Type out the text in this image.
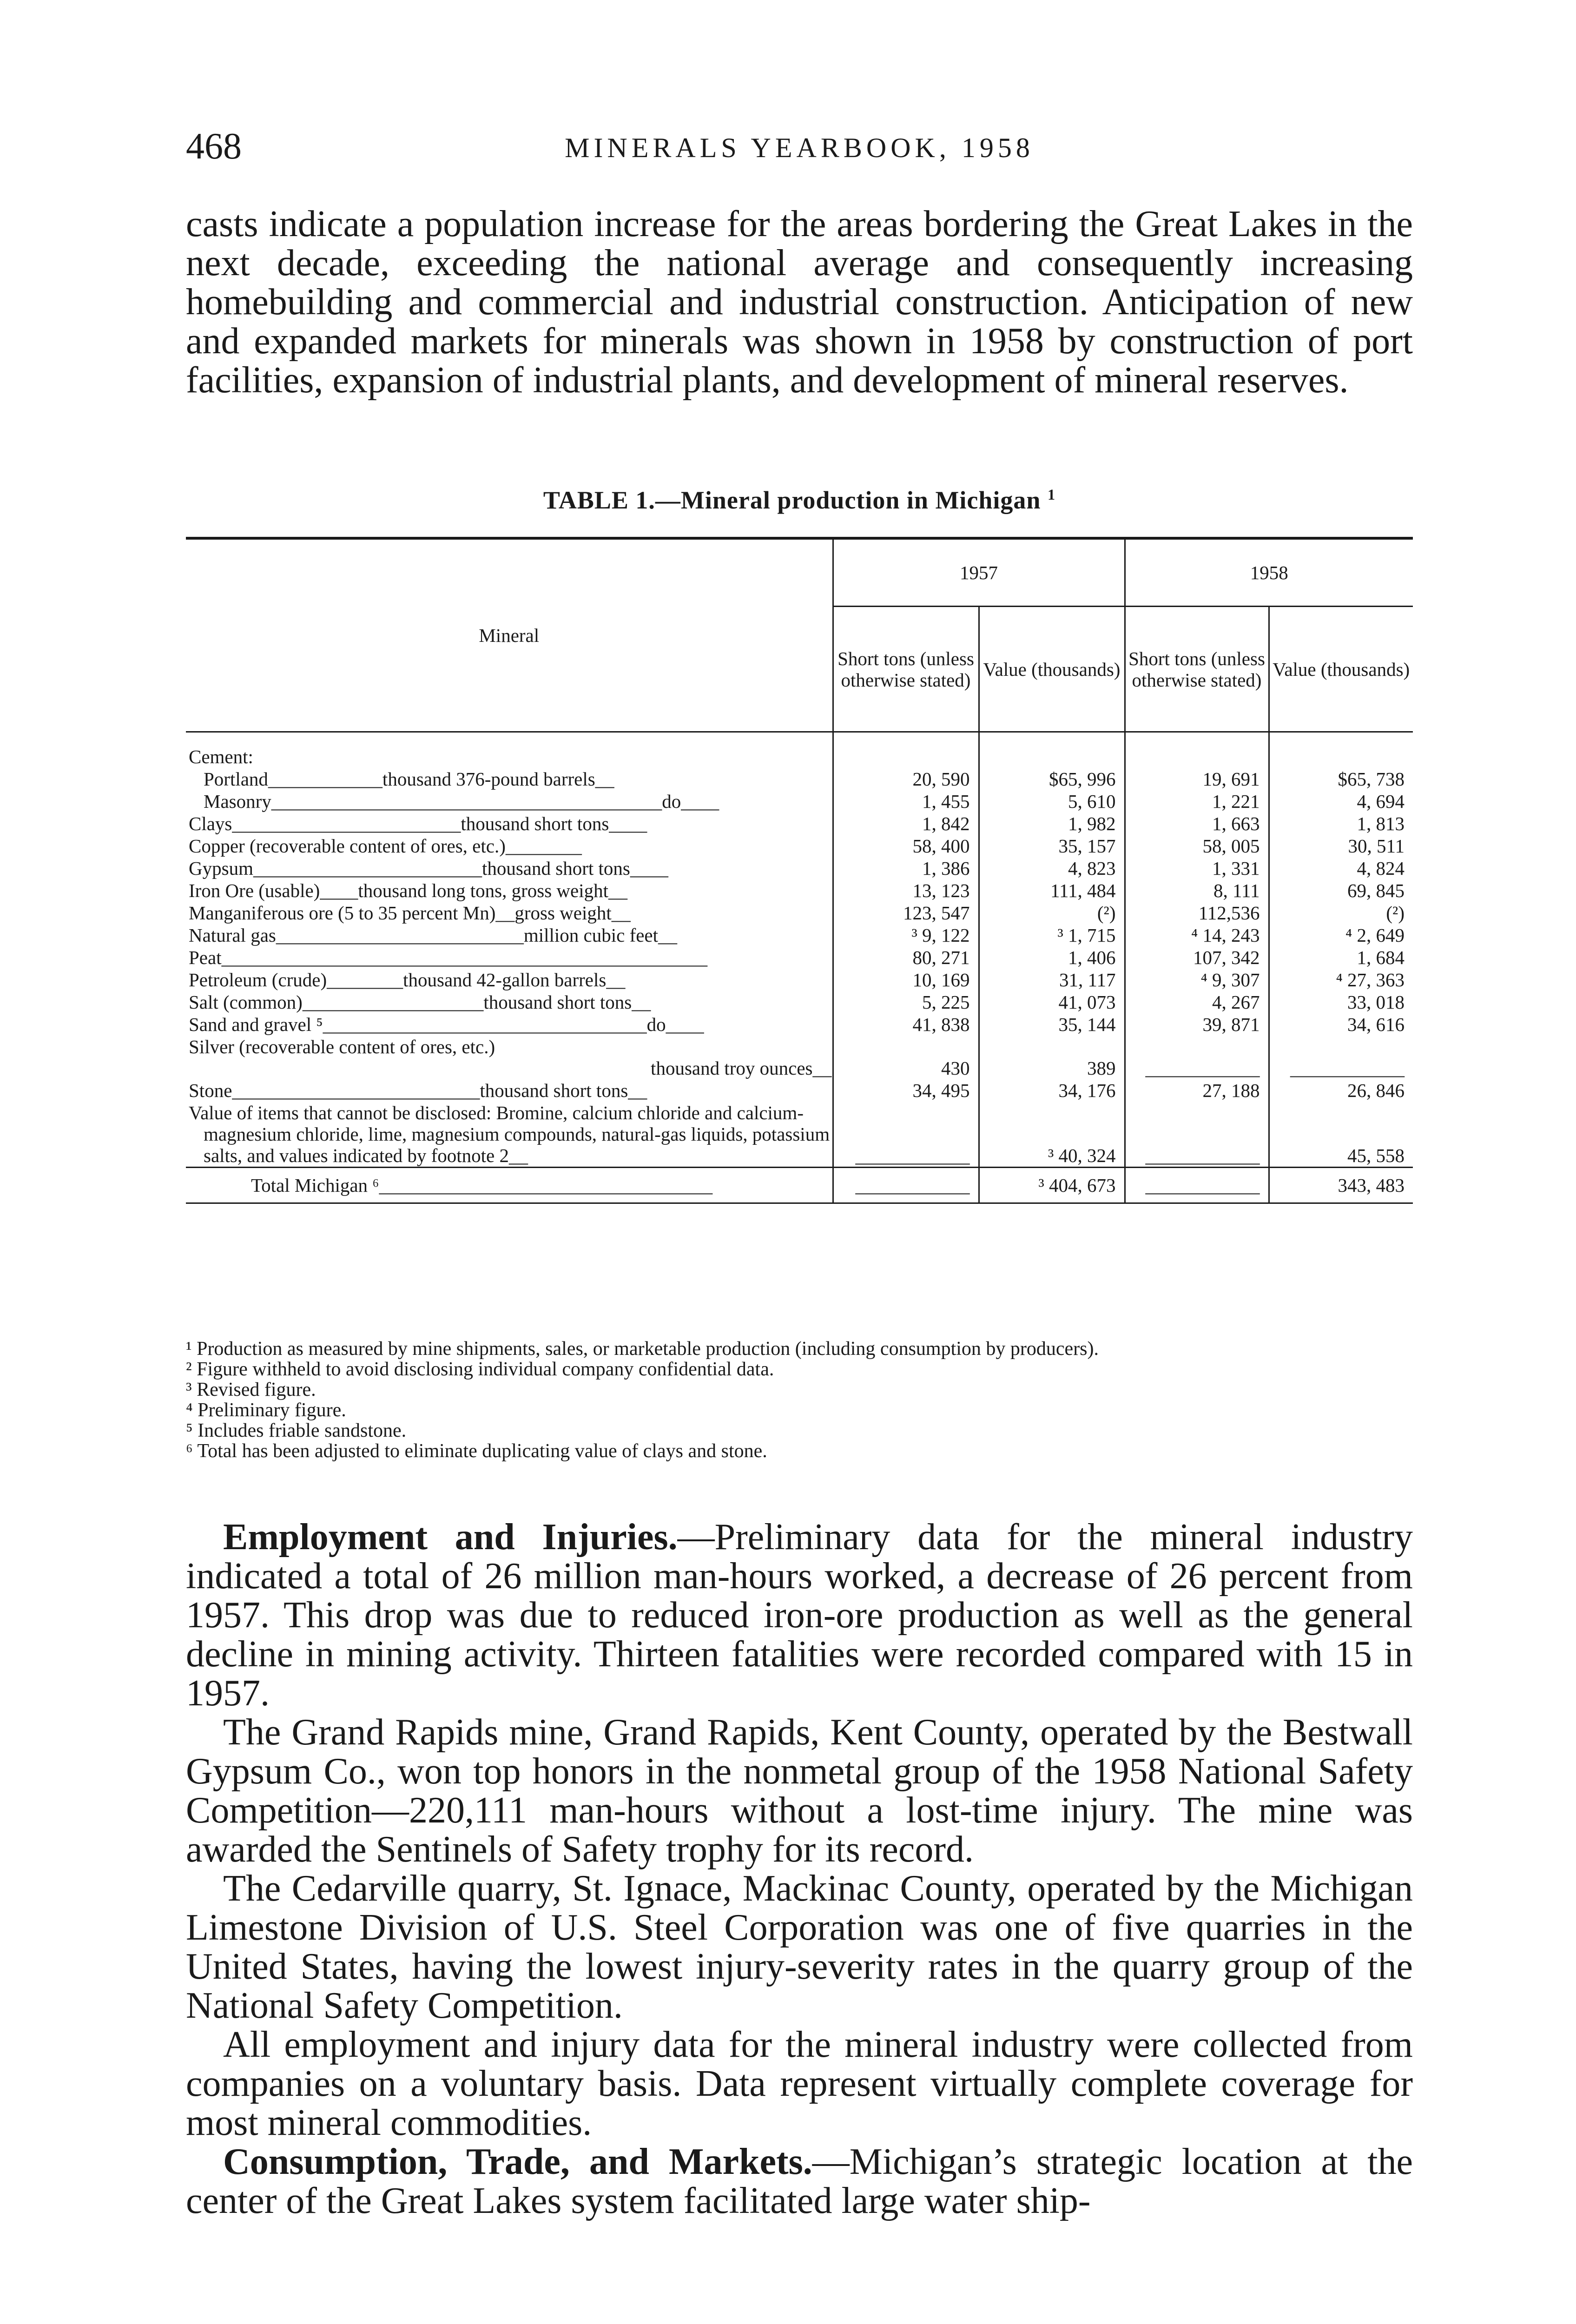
468	MINERALS YEARBOOK, 1958

casts indicate a population increase for the areas bordering the Great Lakes in the next decade, exceeding the national average and consequently increasing homebuilding and commercial and industrial construction. Anticipation of new and expanded markets for minerals was shown in 1958 by construction of port facilities, expansion of industrial plants, and development of mineral reserves.

TABLE 1.—Mineral production in Michigan $^1$
Mineral	1957		1958	
	Short tons (unless otherwise stated)	Value (thousands)	Short tons (unless otherwise stated)	Value (thousands)

Cement:				
Portland____________thousand 376-pound barrels__	20, 590	$65, 996	19, 691	$65, 738
Masonry_________________________________________do____	1, 455	5, 610	1, 221	4, 694
Clays________________________thousand short tons____	1, 842	1, 982	1, 663	1, 813
Copper (recoverable content of ores, etc.)________	58, 400	35, 157	58, 005	30, 511
Gypsum________________________thousand short tons____	1, 386	4, 823	1, 331	4, 824
Iron Ore (usable)____thousand long tons, gross weight__	13, 123	111, 484	8, 111	69, 845
Manganiferous ore (5 to 35 percent Mn)__gross weight__	123, 547	(²)	112,536	(²)
Natural gas__________________________million cubic feet__	³ 9, 122	³ 1, 715	⁴ 14, 243	⁴ 2, 649
Peat___________________________________________________	80, 271	1, 406	107, 342	1, 684
Petroleum (crude)________thousand 42-gallon barrels__	10, 169	31, 117	⁴ 9, 307	⁴ 27, 363
Salt (common)___________________thousand short tons__	5, 225	41, 073	4, 267	33, 018
Sand and gravel ⁵__________________________________do____	41, 838	35, 144	39, 871	34, 616

Silver (recoverable content of ores, etc.)
thousand troy ounces__	430	389	____________	____________
Stone__________________________thousand short tons__	34, 495	34, 176	27, 188	26, 846
Value of items that cannot be disclosed: Bromine, calcium chloride and calcium-magnesium chloride, lime, magnesium compounds, natural-gas liquids, potassium salts, and values indicated by footnote 2__	____________	³ 40, 324	____________	45, 558
Total Michigan ⁶___________________________________	____________	³ 404, 673	____________	343, 483

¹ Production as measured by mine shipments, sales, or marketable production (including consumption by producers).

² Figure withheld to avoid disclosing individual company confidential data.

³ Revised figure.

⁴ Preliminary figure.

⁵ Includes friable sandstone.

⁶ Total has been adjusted to eliminate duplicating value of clays and stone.

Employment and Injuries.—Preliminary data for the mineral industry indicated a total of 26 million man-hours worked, a decrease of 26 percent from 1957. This drop was due to reduced iron-ore production as well as the general decline in mining activity. Thirteen fatalities were recorded compared with 15 in 1957.

The Grand Rapids mine, Grand Rapids, Kent County, operated by the Bestwall Gypsum Co., won top honors in the nonmetal group of the 1958 National Safety Competition—220,111 man-hours without a lost-time injury. The mine was awarded the Sentinels of Safety trophy for its record.

The Cedarville quarry, St. Ignace, Mackinac County, operated by the Michigan Limestone Division of U.S. Steel Corporation was one of five quarries in the United States, having the lowest injury-severity rates in the quarry group of the National Safety Competition.

All employment and injury data for the mineral industry were collected from companies on a voluntary basis. Data represent virtually complete coverage for most mineral commodities.

Consumption, Trade, and Markets.—Michigan’s strategic location at the center of the Great Lakes system facilitated large water ship-
